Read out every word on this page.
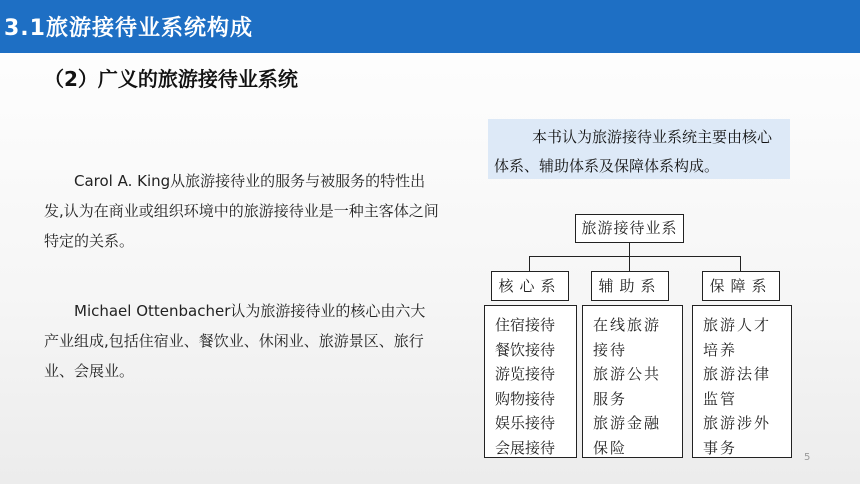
3.1旅游接待业系统构成
（2）广义的旅游接待业系统
Carol A. King从旅游接待业的服务与被服务的特性出发,认为在商业或组织环境中的旅游接待业是一种主客体之间特定的关系。
Michael Ottenbacher认为旅游接待业的核心由六大产业组成,包括住宿业、餐饮业、休闲业、旅游景区、旅行业、会展业。
本书认为旅游接待业系统主要由核心体系、辅助体系及保障体系构成。
旅游接待业系
核心系	辅助系	保障系
住宿接待
餐饮接待
游览接待
购物接待
娱乐接待
会展接待
在线旅游接待
旅游公共服务
旅游金融保险
旅游人才培养
旅游法律监管
旅游涉外事务
5
